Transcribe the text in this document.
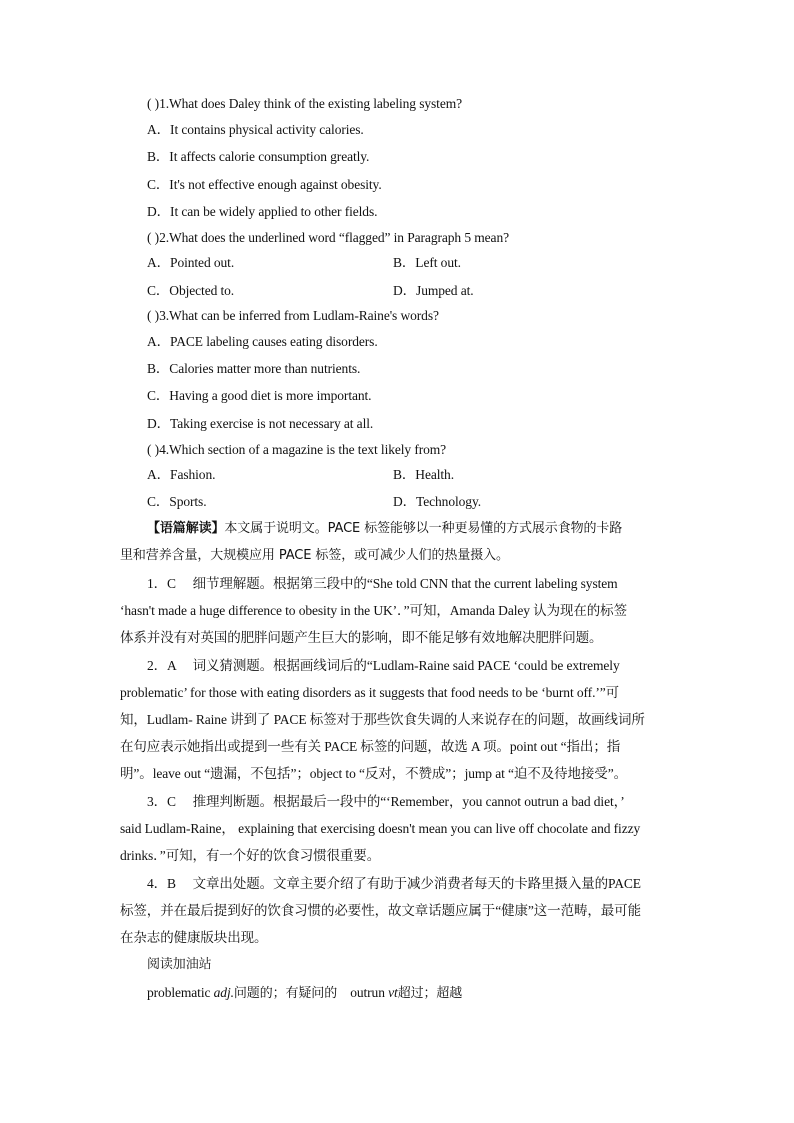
( )1.What does Daley think of the existing labeling system?
A．It contains physical activity calories.
B．It affects calorie consumption greatly.
C．It's not effective enough against obesity.
D．It can be widely applied to other fields.
( )2.What does the underlined word “flagged” in Paragraph 5 mean?
A．Pointed out.	B．Left out.
C．Objected to.	D．Jumped at.
( )3.What can be inferred from Ludlam-Raine's words?
A．PACE labeling causes eating disorders.
B．Calories matter more than nutrients.
C．Having a good diet is more important.
D．Taking exercise is not necessary at all.
( )4.Which section of a magazine is the text likely from?
A．Fashion.	B．Health.
C．Sports.	D．Technology.
【语篇解读】本文属于说明文。PACE 标签能够以一种更易懂的方式展示食物的卡路
里和营养含量，大规模应用 PACE 标签，或可减少人们的热量摄入。
1．C　 细节理解题。根据第三段中的“She told CNN that the current labeling system
‘hasn't made a huge difference to obesity in the UK’．”可知，Amanda Daley 认为现在的标签
体系并没有对英国的肥胖问题产生巨大的影响，即不能足够有效地解决肥胖问题。
2．A　 词义猜测题。根据画线词后的“Ludlam-Raine said PACE ‘could be extremely
problematic’ for those with eating disorders as it suggests that food needs to be ‘burnt off.’”可
知，Ludlam- Raine 讲到了 PACE 标签对于那些饮食失调的人来说存在的问题，故画线词所
在句应表示她指出或提到一些有关 PACE 标签的问题，故选 A 项。point out “指出；指
明”。leave out “遗漏，不包括”；object to “反对，不赞成”；jump at “迫不及待地接受”。
3．C　 推理判断题。根据最后一段中的“‘Remember，you cannot outrun a bad diet，’
said Ludlam-Raine， explaining that exercising doesn't mean you can live off chocolate and fizzy
drinks．”可知，有一个好的饮食习惯很重要。
4．B　 文章出处题。文章主要介绍了有助于减少消费者每天的卡路里摄入量的PACE
标签，并在最后提到好的饮食习惯的必要性，故文章话题应属于“健康”这一范畴，最可能
在杂志的健康版块出现。
阅读加油站
problematic adj.问题的；有疑问的 outrun vt超过；超越
